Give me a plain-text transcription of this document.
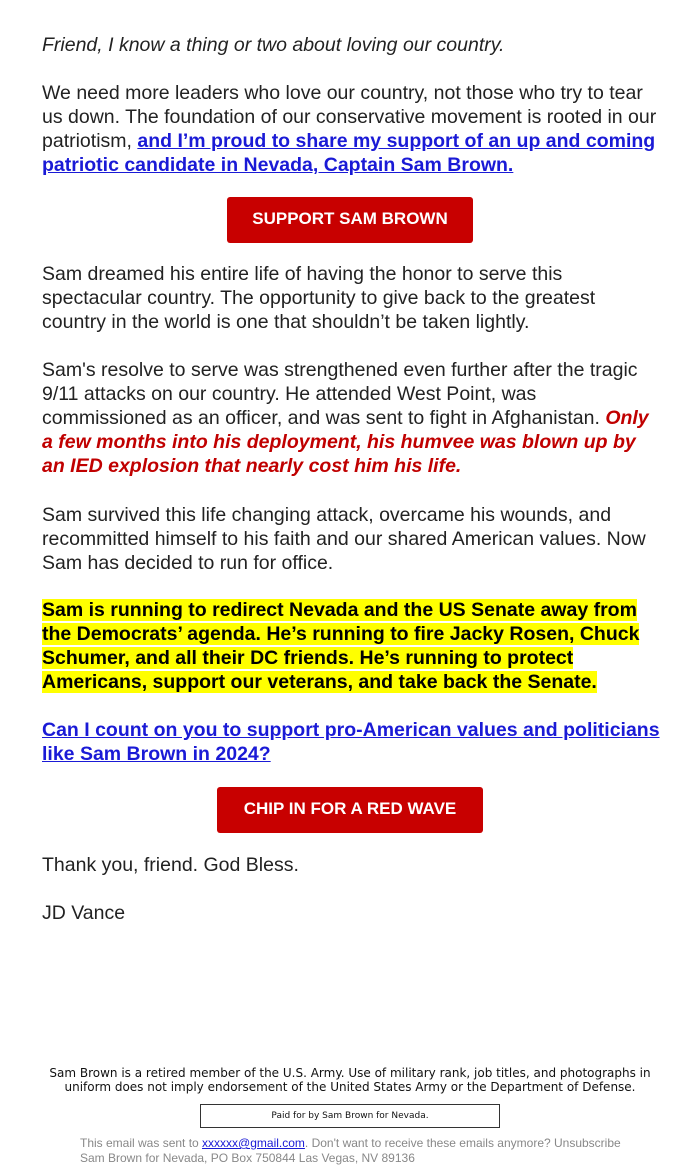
Friend, I know a thing or two about loving our country.

We need more leaders who love our country, not those who try to tear us down. The foundation of our conservative movement is rooted in our patriotism, and I’m proud to share my support of an up and coming patriotic candidate in Nevada, Captain Sam Brown.

Sam dreamed his entire life of having the honor to serve this spectacular country. The opportunity to give back to the greatest country in the world is one that shouldn’t be taken lightly.

Sam's resolve to serve was strengthened even further after the tragic 9/11 attacks on our country. He attended West Point, was commissioned as an officer, and was sent to fight in Afghanistan. Only a few months into his deployment, his humvee was blown up by an IED explosion that nearly cost him his life.

Sam survived this life changing attack, overcame his wounds, and recommitted himself to his faith and our shared American values. Now Sam has decided to run for office.

Sam is running to redirect Nevada and the US Senate away from the Democrats’ agenda. He’s running to fire Jacky Rosen, Chuck Schumer, and all their DC friends. He’s running to protect Americans, support our veterans, and take back the Senate.

Can I count on you to support pro-American values and politicians like Sam Brown in 2024?

Thank you, friend. God Bless.

JD Vance

SUPPORT SAM BROWN
CHIP IN FOR A RED WAVE
Sam Brown is a retired member of the U.S. Army. Use of military rank, job titles, and photographs in uniform does not imply endorsement of the United States Army or the Department of Defense.
Paid for by Sam Brown for Nevada.
This email was sent to xxxxxx@gmail.com. Don't want to receive these emails anymore? Unsubscribe
Sam Brown for Nevada, PO Box 750844 Las Vegas, NV 89136
